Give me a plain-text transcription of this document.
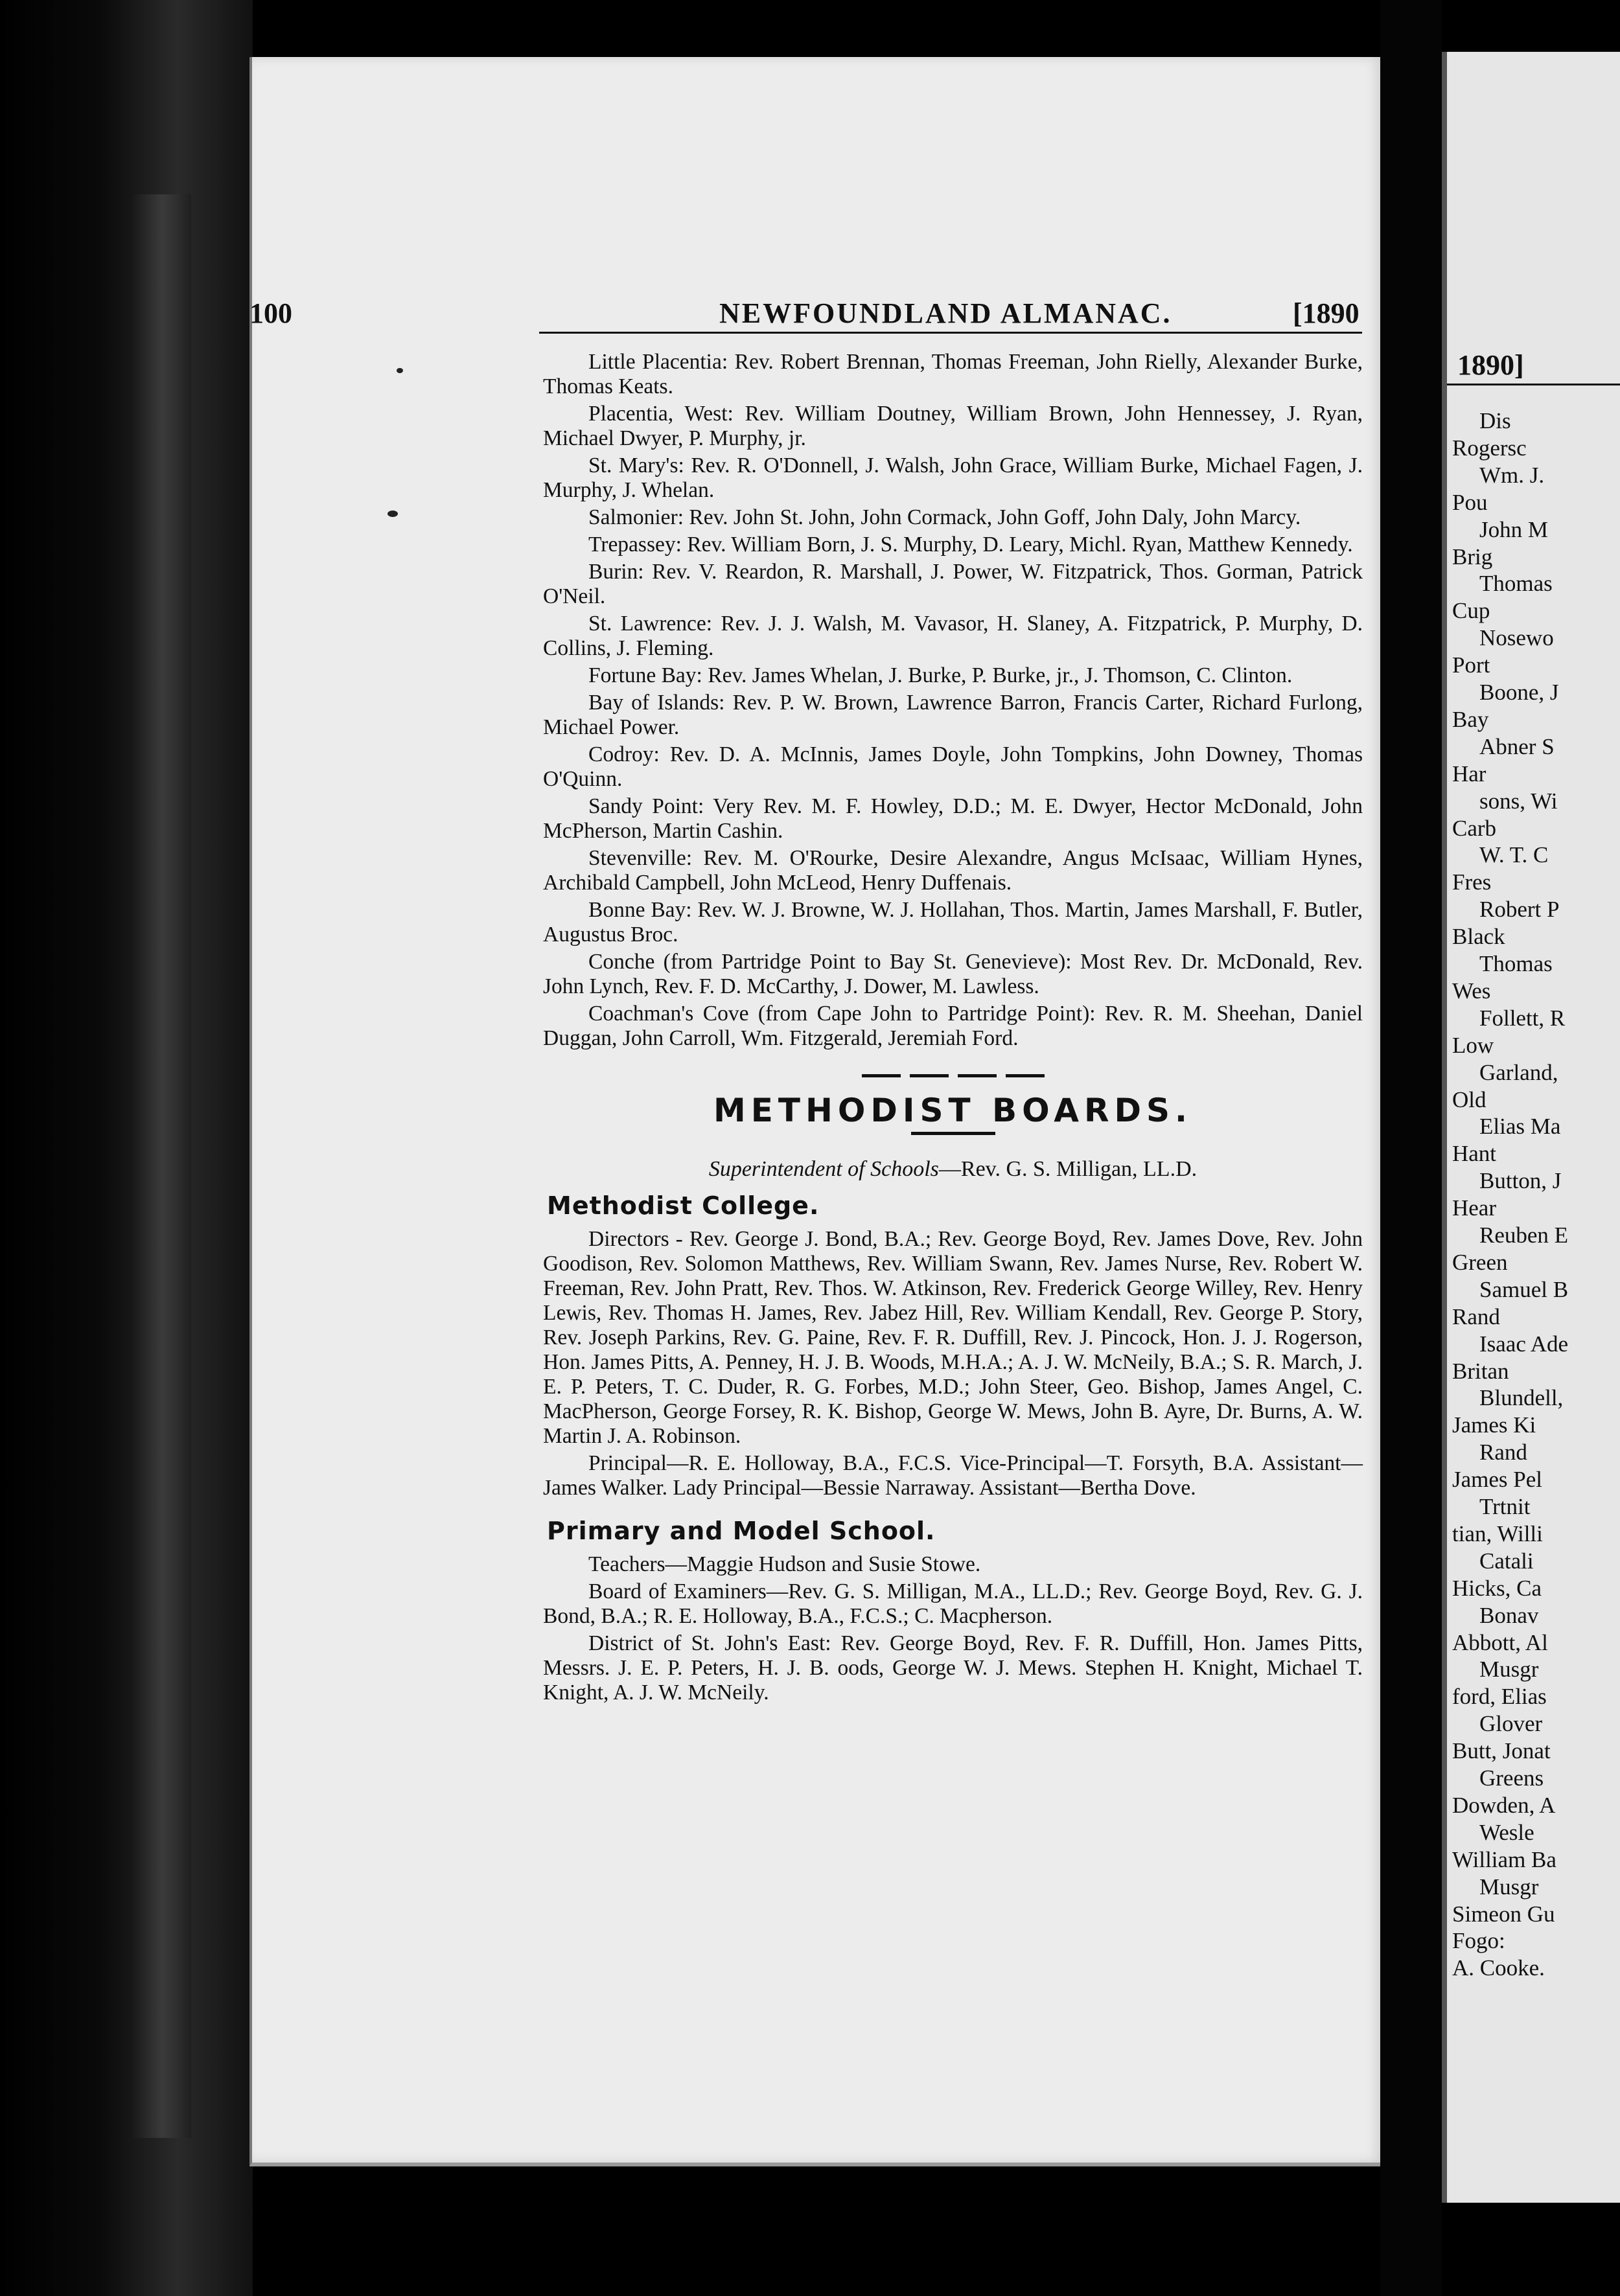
1890]
Dis
Rogersc
Wm. J.
Pou
John M
Brig
Thomas
Cup
Nosewo
Port
Boone, J
Bay
Abner S
Har
sons, Wi
Carb
W. T. C
Fres
Robert P
Black
Thomas
Wes
Follett, R
Low
Garland,
Old
Elias Ma
Hant
Button, J
Hear
Reuben E
Green
Samuel B
Rand
Isaac Ade
Britan
Blundell,
James Ki
Rand
James Pel
Trtnit
tian, Willi
Catali
Hicks, Ca
Bonav
Abbott, Al
Musgr
ford, Elias
Glover
Butt, Jonat
Greens
Dowden, A
Wesle
William Ba
Musgr
Simeon Gu
Fogo:
A. Cooke.
100	NEWFOUNDLAND ALMANAC.	[1890

Little Placentia: Rev. Robert Brennan, Thomas Freeman, John Rielly, Alexander Burke, Thomas Keats.

Placentia, West: Rev. William Doutney, William Brown, John Hennessey, J. Ryan, Michael Dwyer, P. Murphy, jr.

St. Mary's: Rev. R. O'Donnell, J. Walsh, John Grace, William Burke, Michael Fagen, J. Murphy, J. Whelan.

Salmonier: Rev. John St. John, John Cormack, John Goff, John Daly, John Marcy.

Trepassey: Rev. William Born, J. S. Murphy, D. Leary, Michl. Ryan, Matthew Kennedy.

Burin: Rev. V. Reardon, R. Marshall, J. Power, W. Fitzpatrick, Thos. Gorman, Patrick O'Neil.

St. Lawrence: Rev. J. J. Walsh, M. Vavasor, H. Slaney, A. Fitzpatrick, P. Murphy, D. Collins, J. Fleming.

Fortune Bay: Rev. James Whelan, J. Burke, P. Burke, jr., J. Thomson, C. Clinton.

Bay of Islands: Rev. P. W. Brown, Lawrence Barron, Francis Carter, Richard Furlong, Michael Power.

Codroy: Rev. D. A. McInnis, James Doyle, John Tompkins, John Downey, Thomas O'Quinn.

Sandy Point: Very Rev. M. F. Howley, D.D.; M. E. Dwyer, Hector McDonald, John McPherson, Martin Cashin.

Stevenville: Rev. M. O'Rourke, Desire Alexandre, Angus McIsaac, William Hynes, Archibald Campbell, John McLeod, Henry Duffenais.

Bonne Bay: Rev. W. J. Browne, W. J. Hollahan, Thos. Martin, James Marshall, F. Butler, Augustus Broc.

Conche (from Partridge Point to Bay St. Genevieve): Most Rev. Dr. McDonald, Rev. John Lynch, Rev. F. D. McCarthy, J. Dower, M. Lawless.

Coachman's Cove (from Cape John to Partridge Point): Rev. R. M. Sheehan, Daniel Duggan, John Carroll, Wm. Fitzgerald, Jeremiah Ford.

METHODIST BOARDS.
Superintendent of Schools—Rev. G. S. Milligan, LL.D.
Methodist College.

Directors - Rev. George J. Bond, B.A.; Rev. George Boyd, Rev. James Dove, Rev. John Goodison, Rev. Solomon Matthews, Rev. William Swann, Rev. James Nurse, Rev. Robert W. Freeman, Rev. John Pratt, Rev. Thos. W. Atkinson, Rev. Frederick George Willey, Rev. Henry Lewis, Rev. Thomas H. James, Rev. Jabez Hill, Rev. William Kendall, Rev. George P. Story, Rev. Joseph Parkins, Rev. G. Paine, Rev. F. R. Duffill, Rev. J. Pincock, Hon. J. J. Rogerson, Hon. James Pitts, A. Penney, H. J. B. Woods, M.H.A.; A. J. W. McNeily, B.A.; S. R. March, J. E. P. Peters, T. C. Duder, R. G. Forbes, M.D.; John Steer, Geo. Bishop, James Angel, C. MacPherson, George Forsey, R. K. Bishop, George W. Mews, John B. Ayre, Dr. Burns, A. W. Martin J. A. Robinson.

Principal—R. E. Holloway, B.A., F.C.S. Vice-Principal—T. Forsyth, B.A. Assistant—James Walker. Lady Principal—Bessie Narraway. Assistant—Bertha Dove.

Primary and Model School.

Teachers—Maggie Hudson and Susie Stowe.

Board of Examiners—Rev. G. S. Milligan, M.A., LL.D.; Rev. George Boyd, Rev. G. J. Bond, B.A.; R. E. Holloway, B.A., F.C.S.; C. Macpherson.

District of St. John's East: Rev. George Boyd, Rev. F. R. Duffill, Hon. James Pitts, Messrs. J. E. P. Peters, H. J. B. oods, George W. J. Mews. Stephen H. Knight, Michael T. Knight, A. J. W. McNeily.
